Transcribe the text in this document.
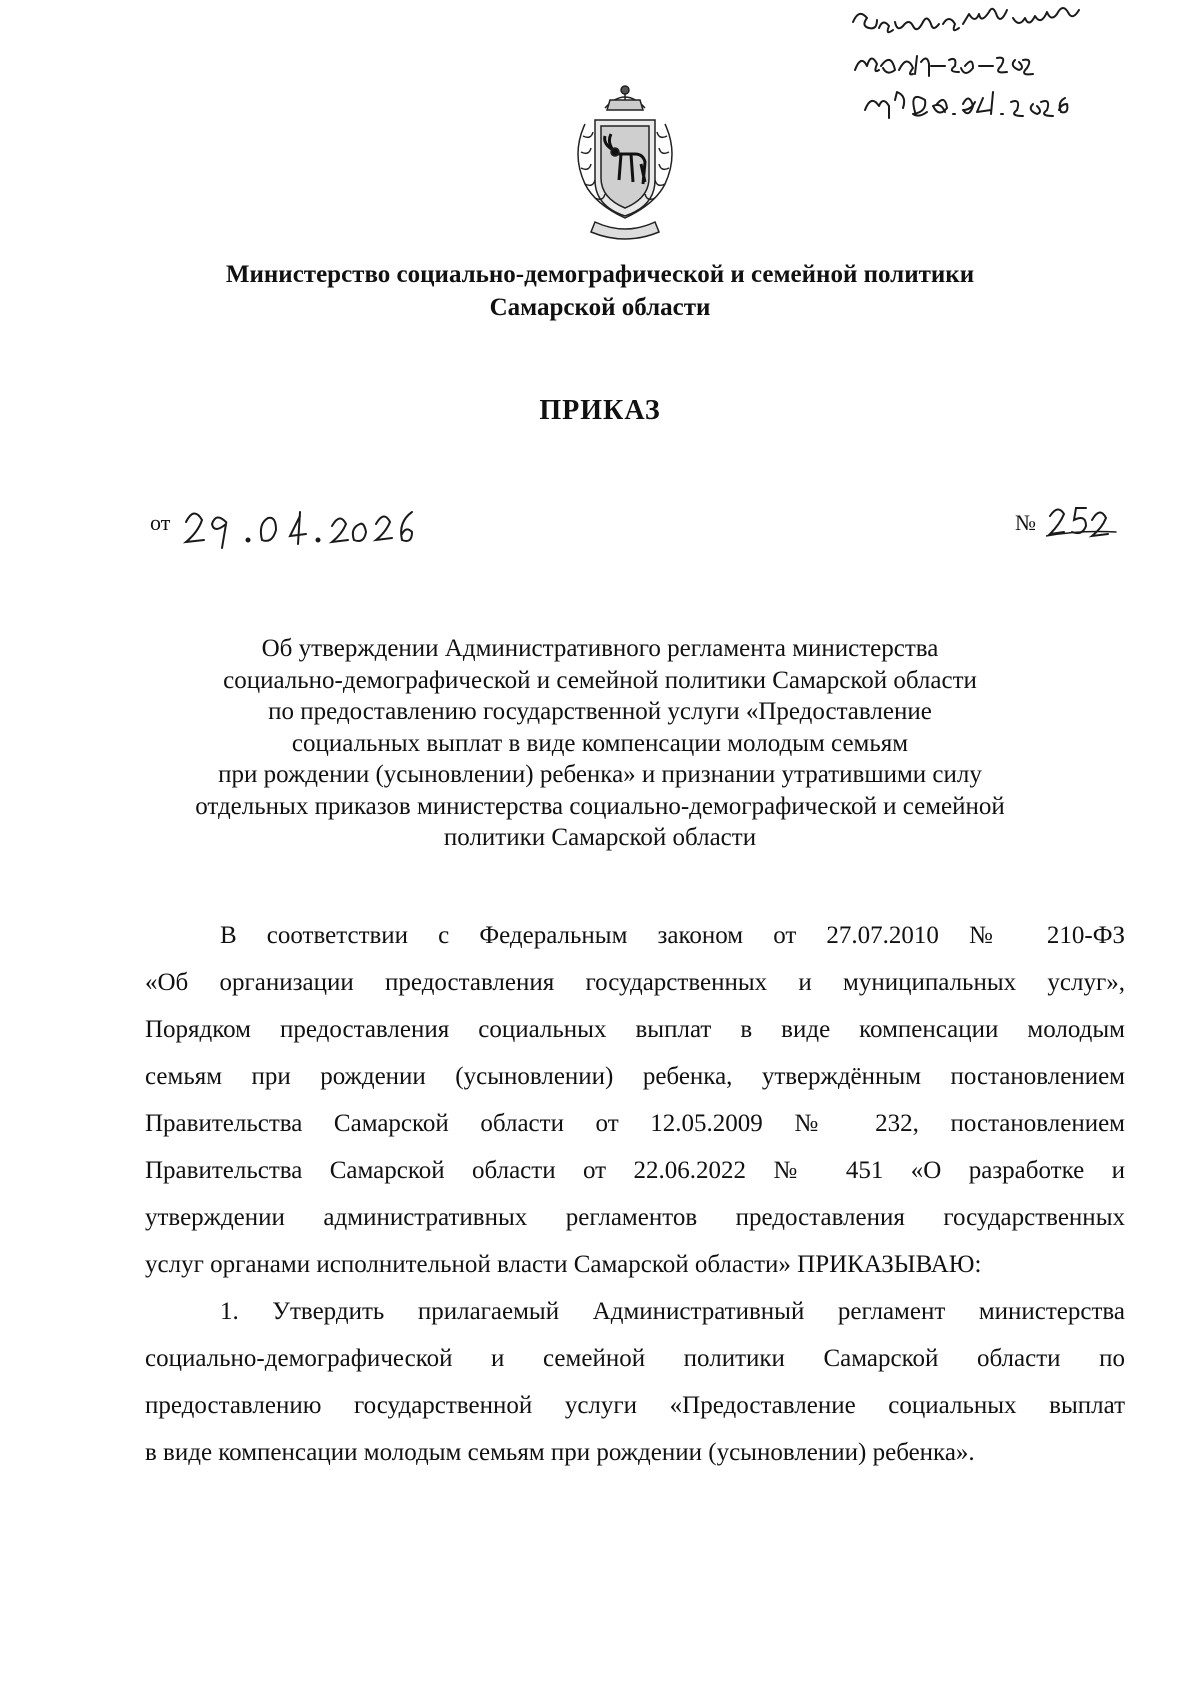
Министерство социально-демографической и семейной политики
Самарской области
ПРИКАЗ
от	№
Об утверждении Административного регламента министерства
социально-демографической и семейной политики Самарской области
по предоставлению государственной услуги «Предоставление
социальных выплат в виде компенсации молодым семьям
при рождении (усыновлении) ребенка» и признании утратившими силу
отдельных приказов министерства социально-демографической и семейной
политики Самарской области
В соответствии с Федеральным законом от 27.07.2010 № 210-ФЗ
«Об организации предоставления государственных и муниципальных услуг»,
Порядком предоставления социальных выплат в виде компенсации молодым
семьям при рождении (усыновлении) ребенка, утверждённым постановлением
Правительства Самарской области от 12.05.2009 № 232, постановлением
Правительства Самарской области от 22.06.2022 № 451 «О разработке и
утверждении административных регламентов предоставления государственных
услуг органами исполнительной власти Самарской области» ПРИКАЗЫВАЮ:
1. Утвердить прилагаемый Административный регламент министерства
социально-демографической и семейной политики Самарской области по
предоставлению государственной услуги «Предоставление социальных выплат
в виде компенсации молодым семьям при рождении (усыновлении) ребенка».
